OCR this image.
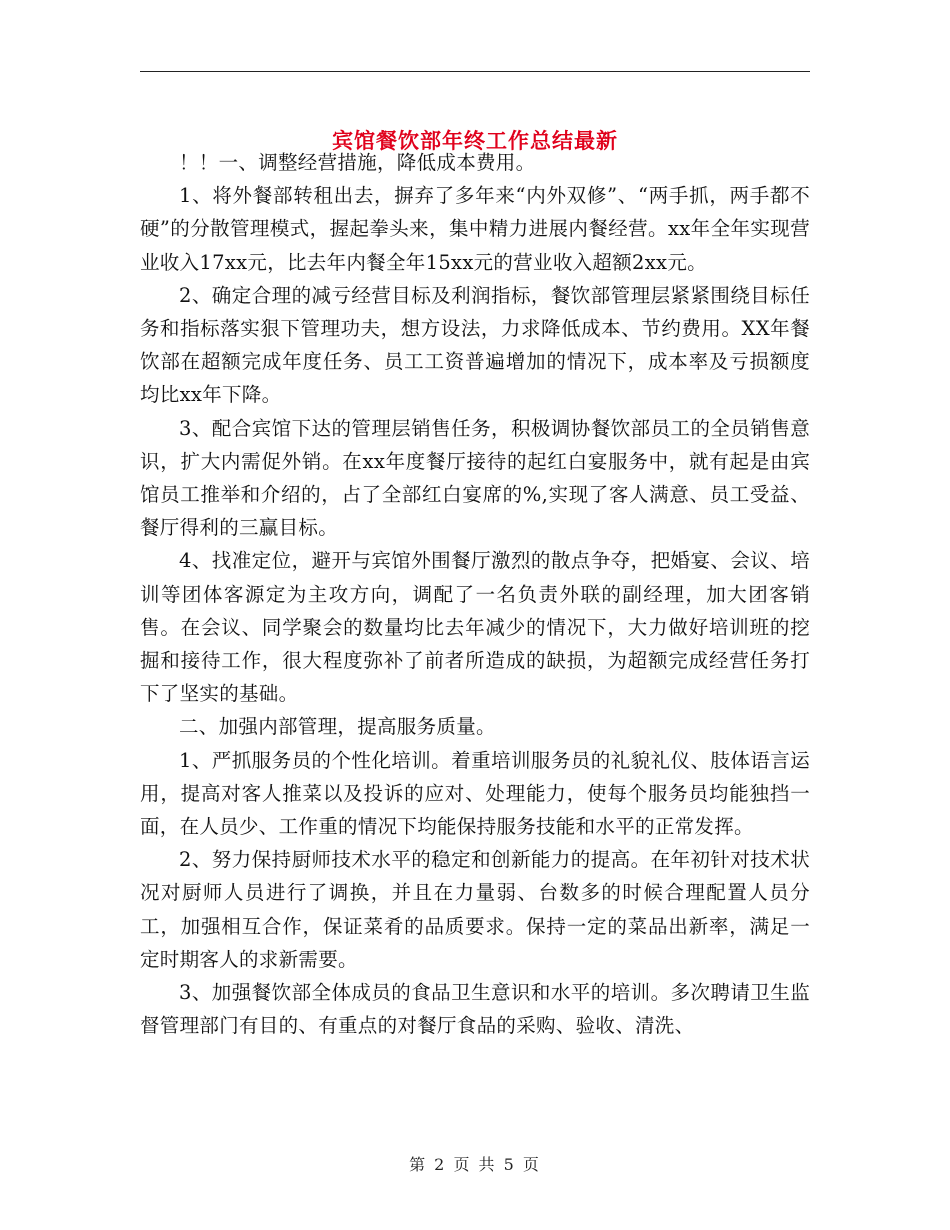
宾馆餐饮部年终工作总结最新

！！一、调整经营措施，降低成本费用。

1、将外餐部转租出去，摒弃了多年来“内外双修”、“两手抓，两手都不硬”的分散管理模式，握起拳头来，集中精力进展内餐经营。xx年全年实现营业收入17xx元，比去年内餐全年15xx元的营业收入超额2xx元。

2、确定合理的减亏经营目标及利润指标，餐饮部管理层紧紧围绕目标任务和指标落实狠下管理功夫，想方设法，力求降低成本、节约费用。XX年餐饮部在超额完成年度任务、员工工资普遍增加的情况下，成本率及亏损额度均比xx年下降。

3、配合宾馆下达的管理层销售任务，积极调协餐饮部员工的全员销售意识，扩大内需促外销。在xx年度餐厅接待的起红白宴服务中，就有起是由宾馆员工推举和介绍的，占了全部红白宴席的%,实现了客人满意、员工受益、餐厅得利的三赢目标。

4、找准定位，避开与宾馆外围餐厅激烈的散点争夺，把婚宴、会议、培训等团体客源定为主攻方向，调配了一名负责外联的副经理，加大团客销售。在会议、同学聚会的数量均比去年减少的情况下，大力做好培训班的挖掘和接待工作，很大程度弥补了前者所造成的缺损，为超额完成经营任务打下了坚实的基础。

二、加强内部管理，提高服务质量。

1、严抓服务员的个性化培训。着重培训服务员的礼貌礼仪、肢体语言运用，提高对客人推菜以及投诉的应对、处理能力，使每个服务员均能独挡一面，在人员少、工作重的情况下均能保持服务技能和水平的正常发挥。

2、努力保持厨师技术水平的稳定和创新能力的提高。在年初针对技术状况对厨师人员进行了调换，并且在力量弱、台数多的时候合理配置人员分工，加强相互合作，保证菜肴的品质要求。保持一定的菜品出新率，满足一定时期客人的求新需要。

3、加强餐饮部全体成员的食品卫生意识和水平的培训。多次聘请卫生监督管理部门有目的、有重点的对餐厅食品的采购、验收、清洗、

第 2 页 共 5 页
